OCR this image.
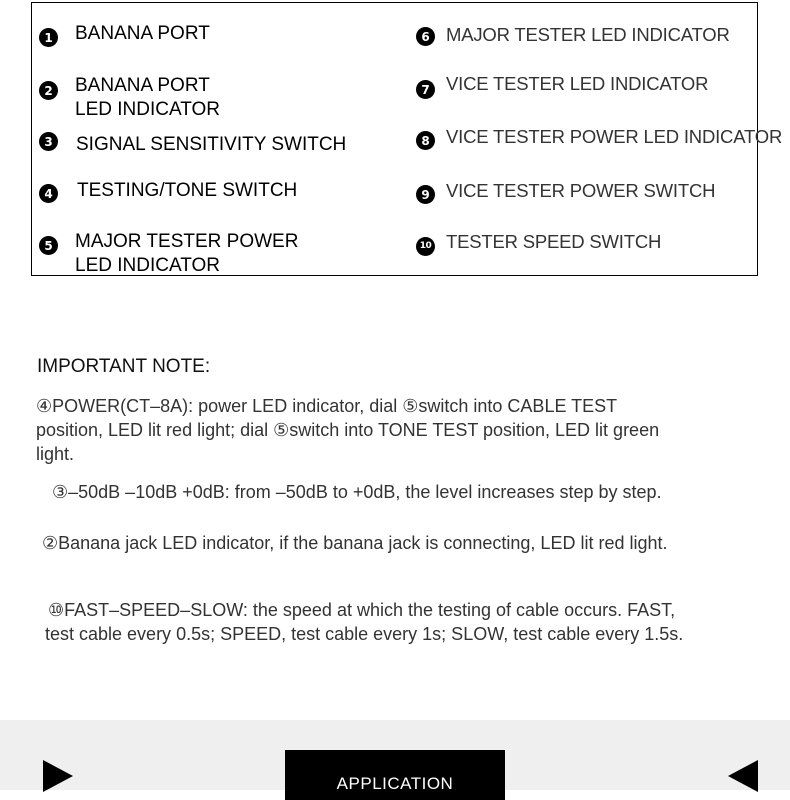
1 BANANA PORT
2 BANANA PORT
LED INDICATOR
3 SIGNAL SENSITIVITY SWITCH
4 TESTING/TONE SWITCH
5 MAJOR TESTER POWER
LED INDICATOR
6 MAJOR TESTER LED INDICATOR
7 VICE TESTER LED INDICATOR
8 VICE TESTER POWER LED INDICATOR
9 VICE TESTER POWER SWITCH
10 TESTER SPEED SWITCH
IMPORTANT NOTE:
④POWER(CT–8A): power LED indicator, dial ⑤switch into CABLE TEST
position, LED lit red light; dial ⑤switch into TONE TEST position, LED lit green
light.
③–50dB –10dB +0dB: from –50dB to +0dB, the level increases step by step.
②Banana jack LED indicator, if the banana jack is connecting, LED lit red light.
⑩FAST–SPEED–SLOW: the speed at which the testing of cable occurs. FAST,
test cable every 0.5s; SPEED, test cable every 1s; SLOW, test cable every 1.5s.
APPLICATION
